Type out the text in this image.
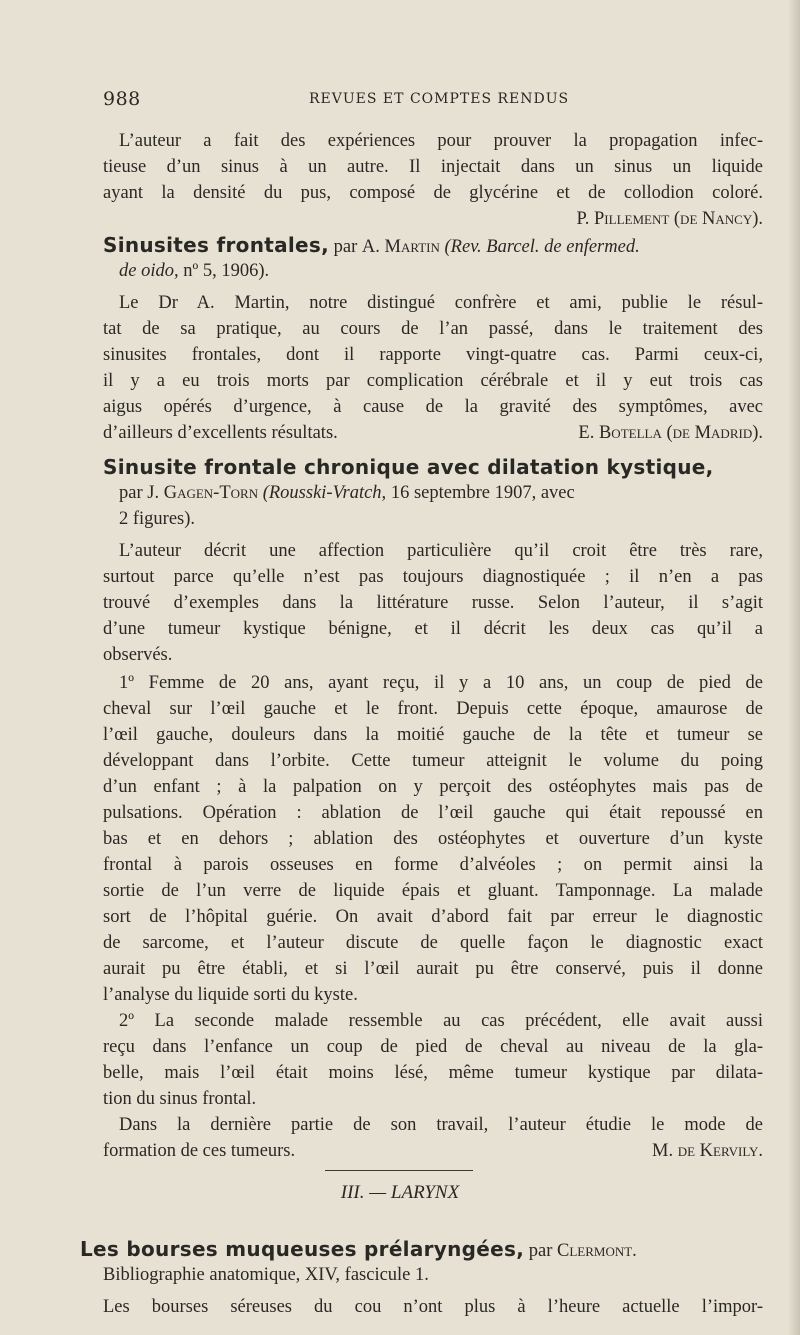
988	REVUES ET COMPTES RENDUS
L’auteur a fait des expériences pour prouver la propagation infec-
tieuse d’un sinus à un autre. Il injectait dans un sinus un liquide
ayant la densité du pus, composé de glycérine et de collodion coloré.
P. Pillement (de Nancy).
Sinusites frontales, par A. Martin (Rev. Barcel. de enfermed.
de oido, nº 5, 1906).
Le Dr A. Martin, notre distingué confrère et ami, publie le résul-
tat de sa pratique, au cours de l’an passé, dans le traitement des
sinusites frontales, dont il rapporte vingt-quatre cas. Parmi ceux-ci,
il y a eu trois morts par complication cérébrale et il y eut trois cas
aigus opérés d’urgence, à cause de la gravité des symptômes, avec
d’ailleurs d’excellents résultats.	E. Botella (de Madrid).
Sinusite frontale chronique avec dilatation kystique,
par J. Gagen-Torn (Rousski-Vratch, 16 septembre 1907, avec
2 figures).
L’auteur décrit une affection particulière qu’il croit être très rare,
surtout parce qu’elle n’est pas toujours diagnostiquée ; il n’en a pas
trouvé d’exemples dans la littérature russe. Selon l’auteur, il s’agit
d’une tumeur kystique bénigne, et il décrit les deux cas qu’il a
observés.
1º Femme de 20 ans, ayant reçu, il y a 10 ans, un coup de pied de
cheval sur l’œil gauche et le front. Depuis cette époque, amaurose de
l’œil gauche, douleurs dans la moitié gauche de la tête et tumeur se
développant dans l’orbite. Cette tumeur atteignit le volume du poing
d’un enfant ; à la palpation on y perçoit des ostéophytes mais pas de
pulsations. Opération : ablation de l’œil gauche qui était repoussé en
bas et en dehors ; ablation des ostéophytes et ouverture d’un kyste
frontal à parois osseuses en forme d’alvéoles ; on permit ainsi la
sortie de l’un verre de liquide épais et gluant. Tamponnage. La malade
sort de l’hôpital guérie. On avait d’abord fait par erreur le diagnostic
de sarcome, et l’auteur discute de quelle façon le diagnostic exact
aurait pu être établi, et si l’œil aurait pu être conservé, puis il donne
l’analyse du liquide sorti du kyste.
2º La seconde malade ressemble au cas précédent, elle avait aussi
reçu dans l’enfance un coup de pied de cheval au niveau de la gla-
belle, mais l’œil était moins lésé, même tumeur kystique par dilata-
tion du sinus frontal.
Dans la dernière partie de son travail, l’auteur étudie le mode de
formation de ces tumeurs.	M. de Kervily.
III. — LARYNX
Les bourses muqueuses prélaryngées, par Clermont.
Bibliographie anatomique, XIV, fascicule 1.
Les bourses séreuses du cou n’ont plus à l’heure actuelle l’impor-
